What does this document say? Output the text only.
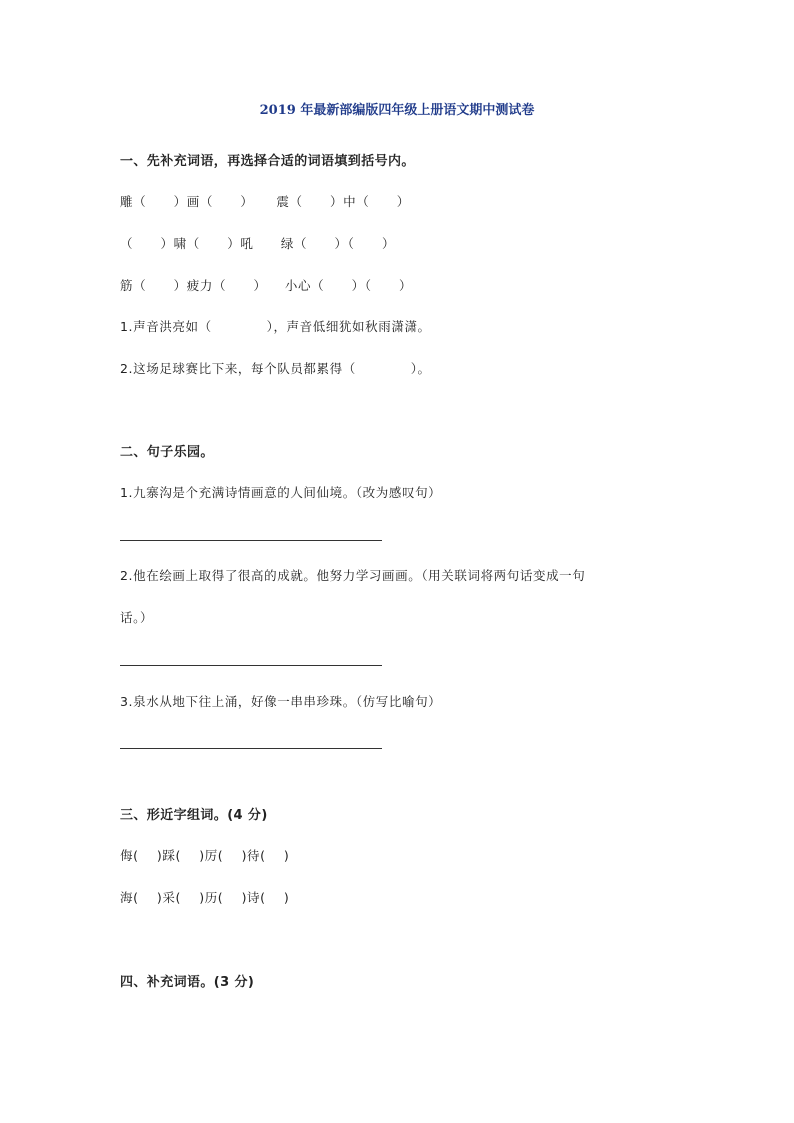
2019 年最新部编版四年级上册语文期中测试卷
一、先补充词语，再选择合适的词语填到括号内。
雕（      ）画（      ）     震（      ）中（      ）
（      ）啸（      ）吼      绿（      ）（      ）
筋（      ）疲力（      ）    小心（      ）（      ）
1.声音洪亮如（            ），声音低细犹如秋雨潇潇。
2.这场足球赛比下来，每个队员都累得（            ）。
二、句子乐园。
1.九寨沟是个充满诗情画意的人间仙境。（改为感叹句）
2.他在绘画上取得了很高的成就。他努力学习画画。（用关联词将两句话变成一句
话。）
3.泉水从地下往上涌，好像一串串珍珠。（仿写比喻句）
三、形近字组词。(4 分)
侮(    )踩(    )厉(    )待(    )
海(    )采(    )历(    )诗(    )
四、补充词语。(3 分)
